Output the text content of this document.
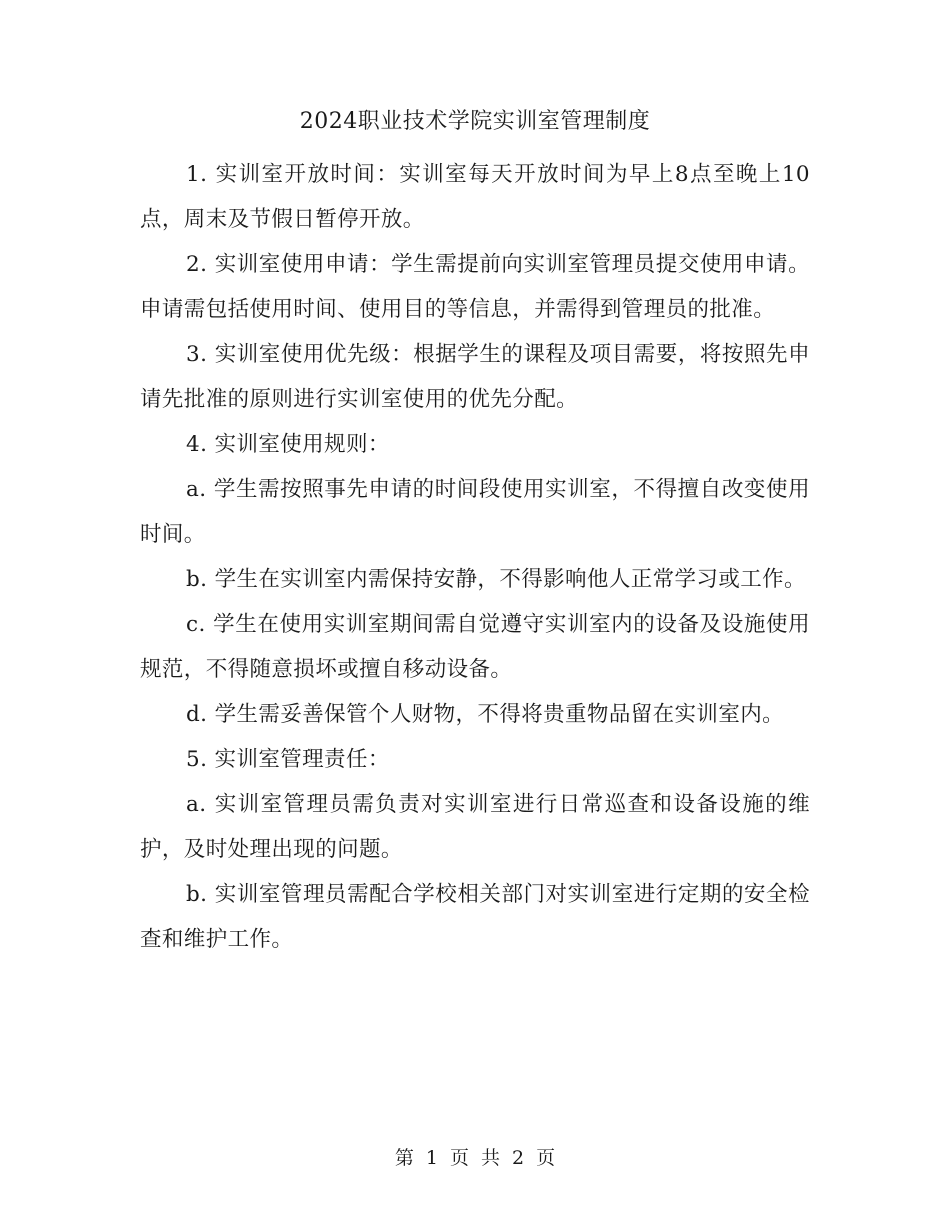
2024职业技术学院实训室管理制度

1. 实训室开放时间：实训室每天开放时间为早上8点至晚上10点，周末及节假日暂停开放。

2. 实训室使用申请：学生需提前向实训室管理员提交使用申请。申请需包括使用时间、使用目的等信息，并需得到管理员的批准。

3. 实训室使用优先级：根据学生的课程及项目需要，将按照先申请先批准的原则进行实训室使用的优先分配。

4. 实训室使用规则：

a. 学生需按照事先申请的时间段使用实训室，不得擅自改变使用时间。

b. 学生在实训室内需保持安静，不得影响他人正常学习或工作。

c. 学生在使用实训室期间需自觉遵守实训室内的设备及设施使用规范，不得随意损坏或擅自移动设备。

d. 学生需妥善保管个人财物，不得将贵重物品留在实训室内。

5. 实训室管理责任：

a. 实训室管理员需负责对实训室进行日常巡查和设备设施的维护，及时处理出现的问题。

b. 实训室管理员需配合学校相关部门对实训室进行定期的安全检查和维护工作。

第 1 页 共 2 页
